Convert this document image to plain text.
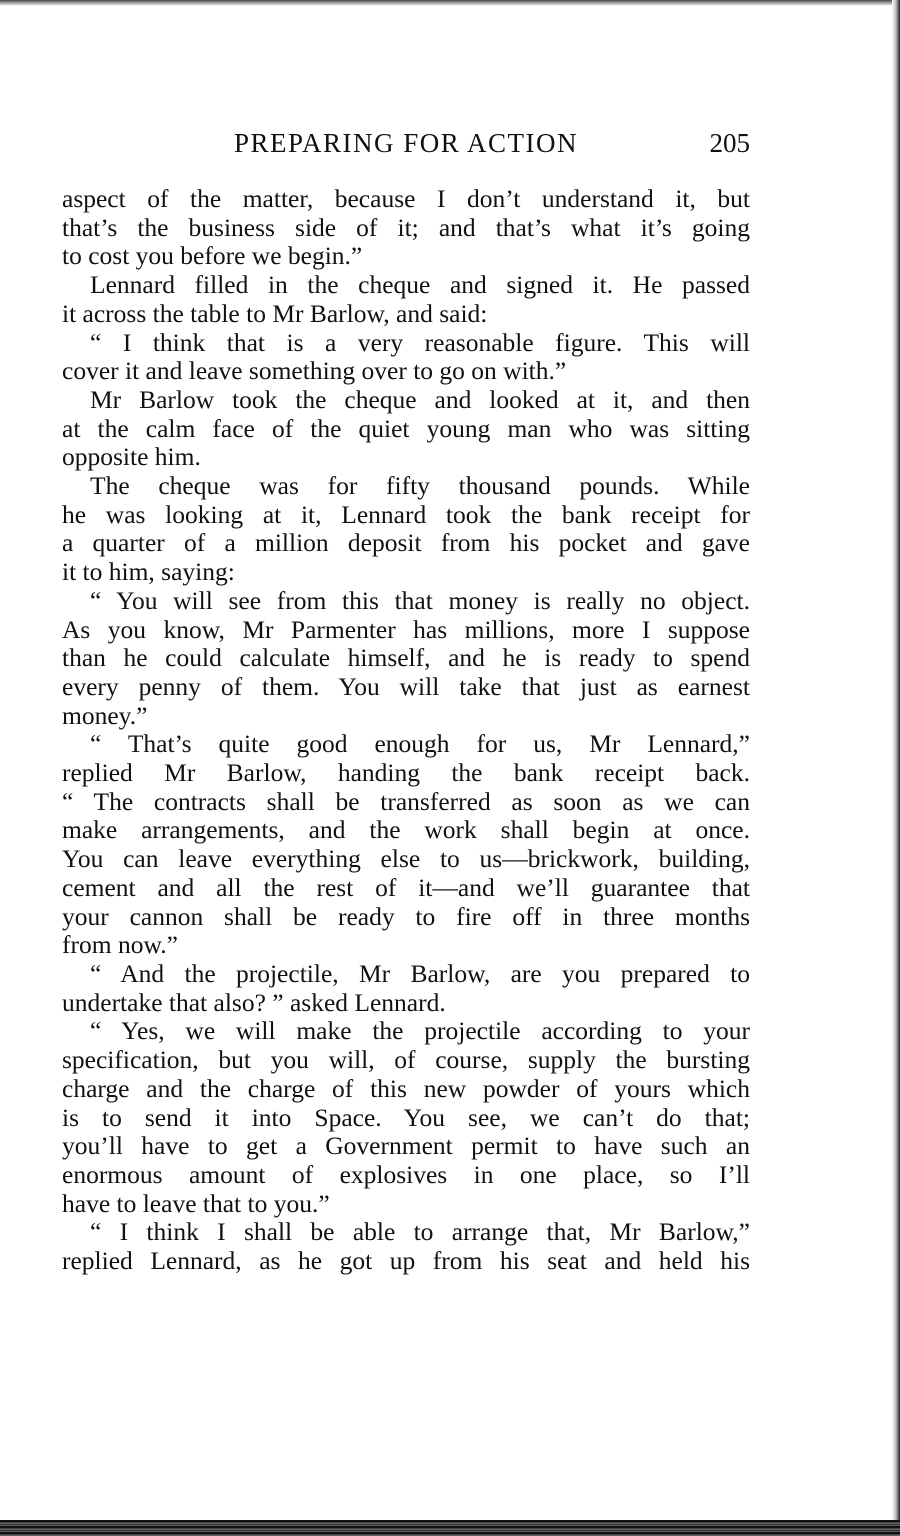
PREPARING FOR ACTION	205
aspect of the matter, because I don’t understand it, but
that’s the business side of it; and that’s what it’s going
to cost you before we begin.”
Lennard filled in the cheque and signed it. He passed
it across the table to Mr Barlow, and said:
“ I think that is a very reasonable figure. This will
cover it and leave something over to go on with.”
Mr Barlow took the cheque and looked at it, and then
at the calm face of the quiet young man who was sitting
opposite him.
The cheque was for fifty thousand pounds. While
he was looking at it, Lennard took the bank receipt for
a quarter of a million deposit from his pocket and gave
it to him, saying:
“ You will see from this that money is really no object.
As you know, Mr Parmenter has millions, more I suppose
than he could calculate himself, and he is ready to spend
every penny of them. You will take that just as earnest
money.”
“ That’s quite good enough for us, Mr Lennard,”
replied Mr Barlow, handing the bank receipt back.
“ The contracts shall be transferred as soon as we can
make arrangements, and the work shall begin at once.
You can leave everything else to us—brickwork, building,
cement and all the rest of it—and we’ll guarantee that
your cannon shall be ready to fire off in three months
from now.”
“ And the projectile, Mr Barlow, are you prepared to
undertake that also? ” asked Lennard.
“ Yes, we will make the projectile according to your
specification, but you will, of course, supply the bursting
charge and the charge of this new powder of yours which
is to send it into Space. You see, we can’t do that;
you’ll have to get a Government permit to have such an
enormous amount of explosives in one place, so I’ll
have to leave that to you.”
“ I think I shall be able to arrange that, Mr Barlow,”
replied Lennard, as he got up from his seat and held his
